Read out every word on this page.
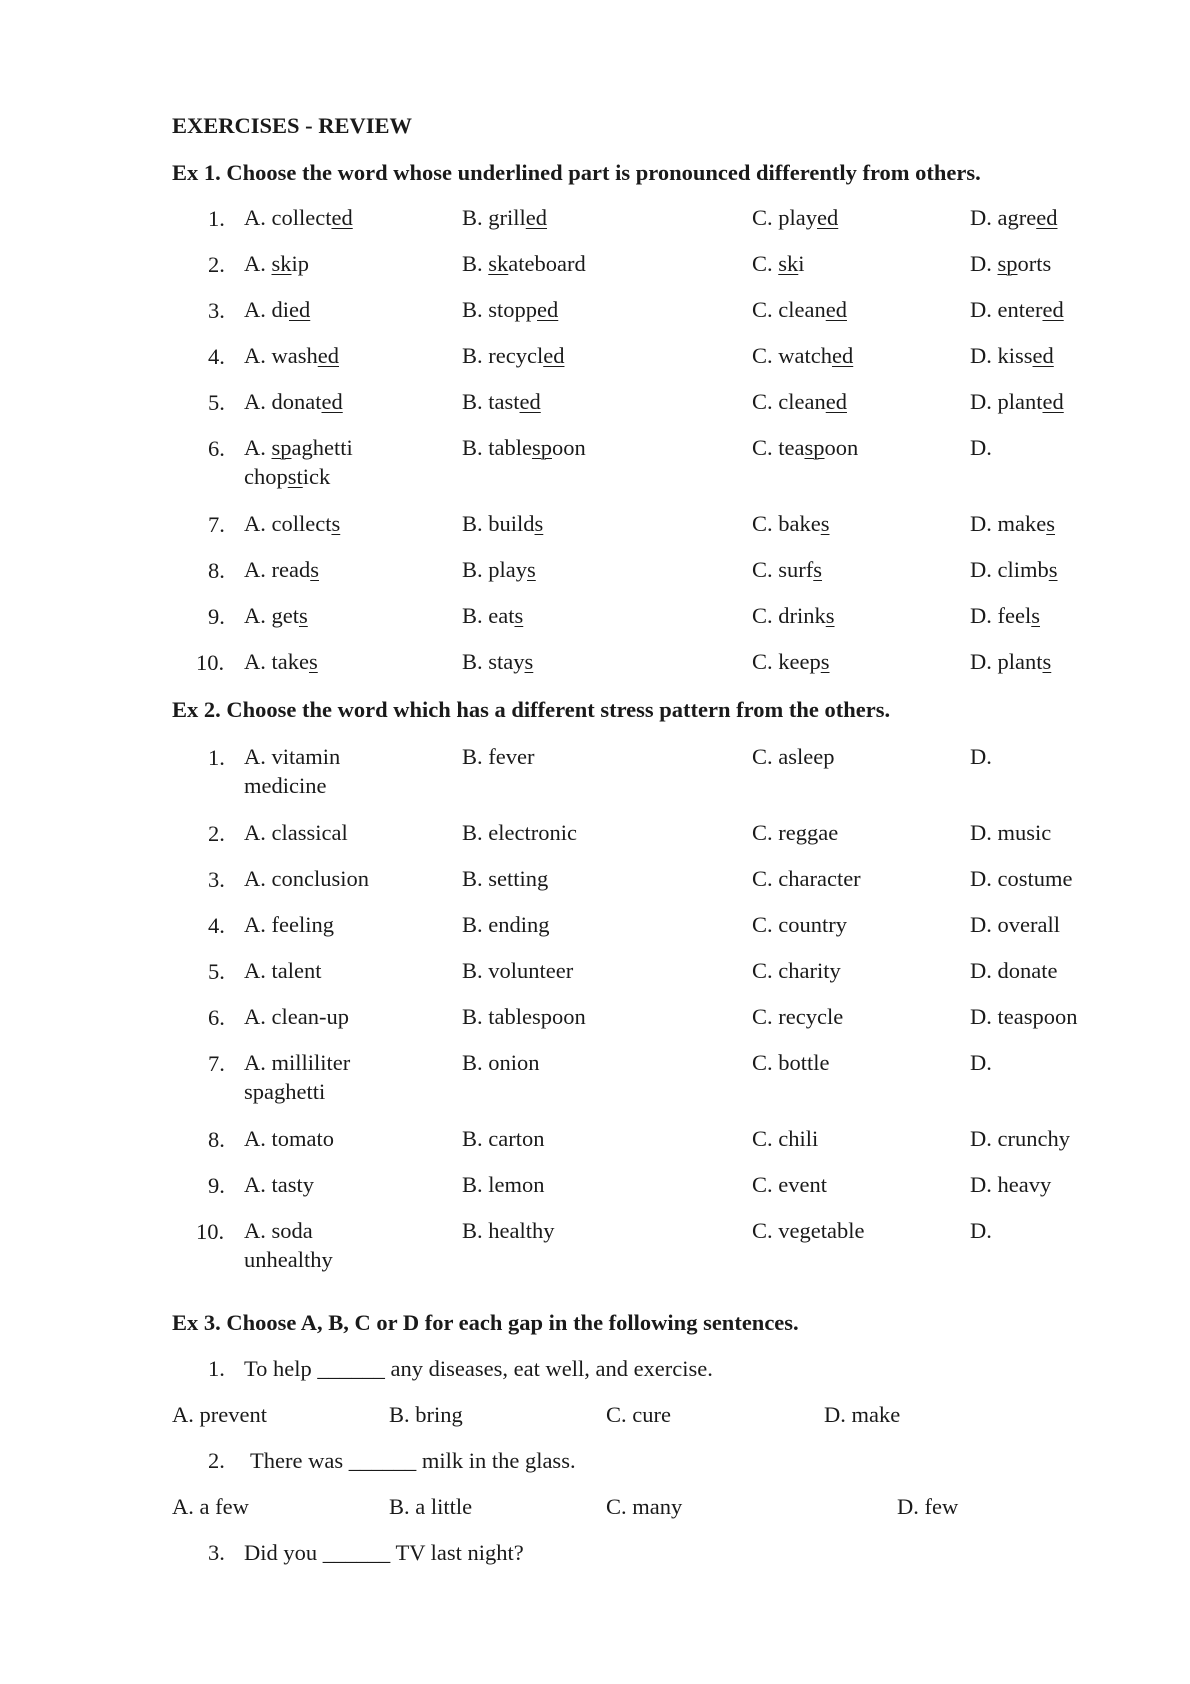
EXERCISES - REVIEW
Ex 1. Choose the word whose underlined part is pronounced differently from others.
1. A. collected	B. grilled	C. played	D. agreed
2. A. skip	B. skateboard	C. ski	D. sports
3. A. died	B. stopped	C. cleaned	D. entered
4. A. washed	B. recycled	C. watched	D. kissed
5. A. donated	B. tasted	C. cleaned	D. planted
6. A. spaghetti
chopstick
B. tablespoon	C. teaspoon	D.
7. A. collects	B. builds	C. bakes	D. makes
8. A. reads	B. plays	C. surfs	D. climbs
9. A. gets	B. eats	C. drinks	D. feels
10. A. takes	B. stays	C. keeps	D. plants
Ex 2. Choose the word which has a different stress pattern from the others.
1. A. vitamin
medicine
B. fever	C. asleep	D.
2. A. classical	B. electronic	C. reggae	D. music
3. A. conclusion	B. setting	C. character	D. costume
4. A. feeling	B. ending	C. country	D. overall
5. A. talent	B. volunteer	C. charity	D. donate
6. A. clean-up	B. tablespoon	C. recycle	D. teaspoon
7. A. milliliter
spaghetti
B. onion	C. bottle	D.
8. A. tomato	B. carton	C. chili	D. crunchy
9. A. tasty	B. lemon	C. event	D. heavy
10. A. soda
unhealthy
B. healthy	C. vegetable	D.
Ex 3. Choose A, B, C or D for each gap in the following sentences.
1. To help ______ any diseases, eat well, and exercise.
A. prevent	B. bring	C. cure	D. make
2. There was ______ milk in the glass.
A. a few	B. a little	C. many	D. few
3. Did you ______ TV last night?
